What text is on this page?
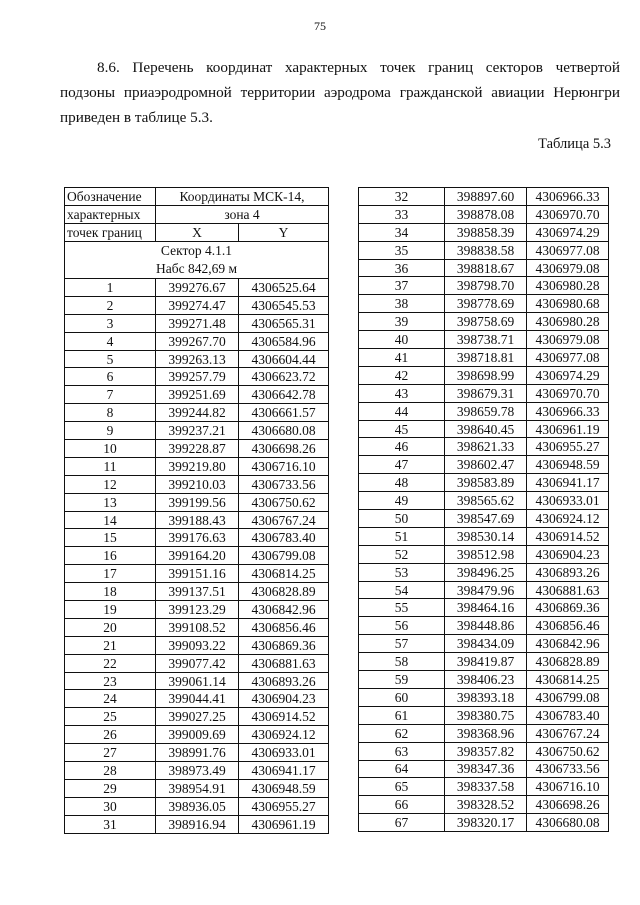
75
8.6. Перечень координат характерных точек границ секторов четвертой
подзоны приаэродромной территории аэродрома гражданской авиации Нерюнгри
приведен в таблице 5.3.
Таблица 5.3
Обозначение	Координаты МСК-14,	
характерных	зона 4	
точек границ	X	Y

Сектор 4.1.1
Набс 842,69 м		

1	399276.67	4306525.64
2	399274.47	4306545.53
3	399271.48	4306565.31
4	399267.70	4306584.96
5	399263.13	4306604.44
6	399257.79	4306623.72
7	399251.69	4306642.78
8	399244.82	4306661.57
9	399237.21	4306680.08
10	399228.87	4306698.26
11	399219.80	4306716.10
12	399210.03	4306733.56
13	399199.56	4306750.62
14	399188.43	4306767.24
15	399176.63	4306783.40
16	399164.20	4306799.08
17	399151.16	4306814.25
18	399137.51	4306828.89
19	399123.29	4306842.96
20	399108.52	4306856.46
21	399093.22	4306869.36
22	399077.42	4306881.63
23	399061.14	4306893.26
24	399044.41	4306904.23
25	399027.25	4306914.52
26	399009.69	4306924.12
27	398991.76	4306933.01
28	398973.49	4306941.17
29	398954.91	4306948.59
30	398936.05	4306955.27
31	398916.94	4306961.19
32	398897.60	4306966.33
33	398878.08	4306970.70
34	398858.39	4306974.29
35	398838.58	4306977.08
36	398818.67	4306979.08
37	398798.70	4306980.28
38	398778.69	4306980.68
39	398758.69	4306980.28
40	398738.71	4306979.08
41	398718.81	4306977.08
42	398698.99	4306974.29
43	398679.31	4306970.70
44	398659.78	4306966.33
45	398640.45	4306961.19
46	398621.33	4306955.27
47	398602.47	4306948.59
48	398583.89	4306941.17
49	398565.62	4306933.01
50	398547.69	4306924.12
51	398530.14	4306914.52
52	398512.98	4306904.23
53	398496.25	4306893.26
54	398479.96	4306881.63
55	398464.16	4306869.36
56	398448.86	4306856.46
57	398434.09	4306842.96
58	398419.87	4306828.89
59	398406.23	4306814.25
60	398393.18	4306799.08
61	398380.75	4306783.40
62	398368.96	4306767.24
63	398357.82	4306750.62
64	398347.36	4306733.56
65	398337.58	4306716.10
66	398328.52	4306698.26
67	398320.17	4306680.08
